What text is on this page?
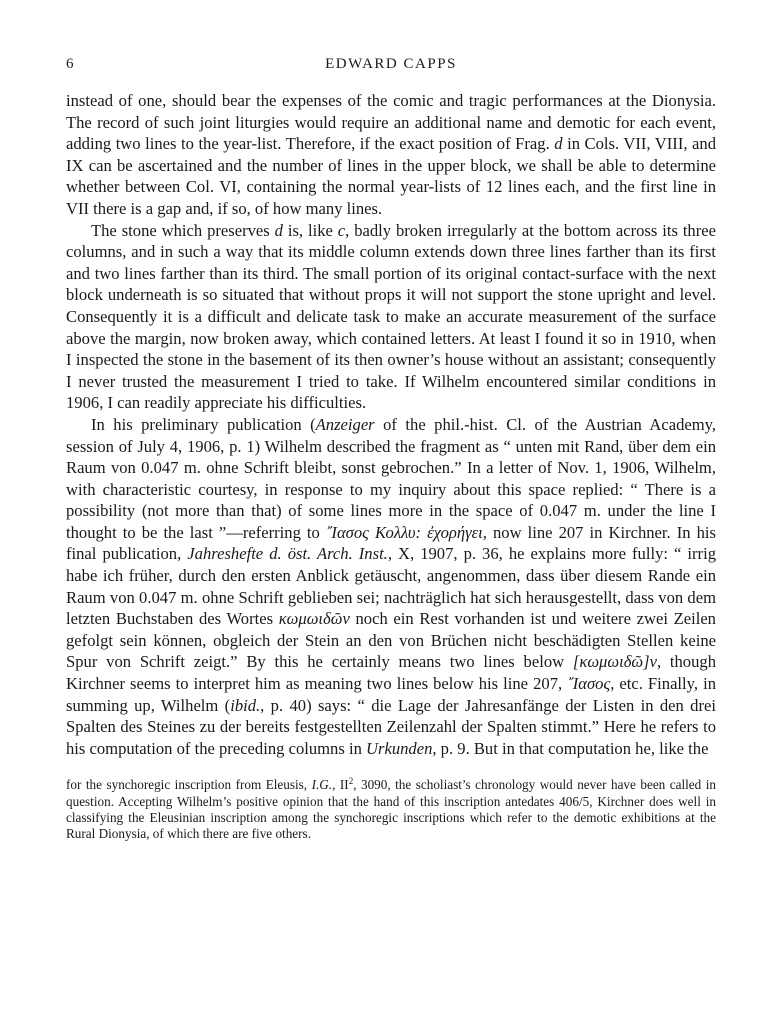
6	EDWARD CAPPS

instead of one, should bear the expenses of the comic and tragic performances at the Dionysia. The record of such joint liturgies would require an additional name and demotic for each event, adding two lines to the year-list. Therefore, if the exact position of Frag. d in Cols. VII, VIII, and IX can be ascertained and the number of lines in the upper block, we shall be able to determine whether between Col. VI, containing the normal year-lists of 12 lines each, and the first line in VII there is a gap and, if so, of how many lines.

The stone which preserves d is, like c, badly broken irregularly at the bottom across its three columns, and in such a way that its middle column extends down three lines farther than its first and two lines farther than its third. The small portion of its original contact-surface with the next block underneath is so situated that without props it will not support the stone upright and level. Consequently it is a difficult and delicate task to make an accurate measurement of the surface above the margin, now broken away, which contained letters. At least I found it so in 1910, when I inspected the stone in the basement of its then owner’s house without an assistant; consequently I never trusted the measurement I tried to take. If Wilhelm encountered similar conditions in 1906, I can readily appreciate his difficulties.

In his preliminary publication (Anzeiger of the phil.-hist. Cl. of the Austrian Academy, session of July 4, 1906, p. 1) Wilhelm described the fragment as “ unten mit Rand, über dem ein Raum von 0.047 m. ohne Schrift bleibt, sonst gebrochen.” In a letter of Nov. 1, 1906, Wilhelm, with characteristic courtesy, in response to my inquiry about this space replied: “ There is a possibility (not more than that) of some lines more in the space of 0.047 m. under the line I thought to be the last ”—referring to ῎Ιασος Κολλυ: ἐχορήγει, now line 207 in Kirchner. In his final publication, Jahreshefte d. öst. Arch. Inst., X, 1907, p. 36, he explains more fully: “ irrig habe ich früher, durch den ersten Anblick getäuscht, angenommen, dass über diesem Rande ein Raum von 0.047 m. ohne Schrift geblieben sei; nachträglich hat sich herausgestellt, dass von dem letzten Buchstaben des Wortes κωμωιδῶν noch ein Rest vorhanden ist und weitere zwei Zeilen gefolgt sein können, obgleich der Stein an den von Brüchen nicht beschädigten Stellen keine Spur von Schrift zeigt.” By this he certainly means two lines below [κωμωιδῶ]ν, though Kirchner seems to interpret him as meaning two lines below his line 207, ῎Ιασος, etc. Finally, in summing up, Wilhelm (ibid., p. 40) says: “ die Lage der Jahresanfänge der Listen in den drei Spalten des Steines zu der bereits festgestellten Zeilenzahl der Spalten stimmt.” Here he refers to his computation of the preceding columns in Urkunden, p. 9. But in that computation he, like the

for the synchoregic inscription from Eleusis, I.G., $II^2$, 3090, the scholiast’s chronology would never have been called in question. Accepting Wilhelm’s positive opinion that the hand of this inscription antedates 406/5, Kirchner does well in classifying the Eleusinian inscription among the synchoregic inscriptions which refer to the demotic exhibitions at the Rural Dionysia, of which there are five others.
